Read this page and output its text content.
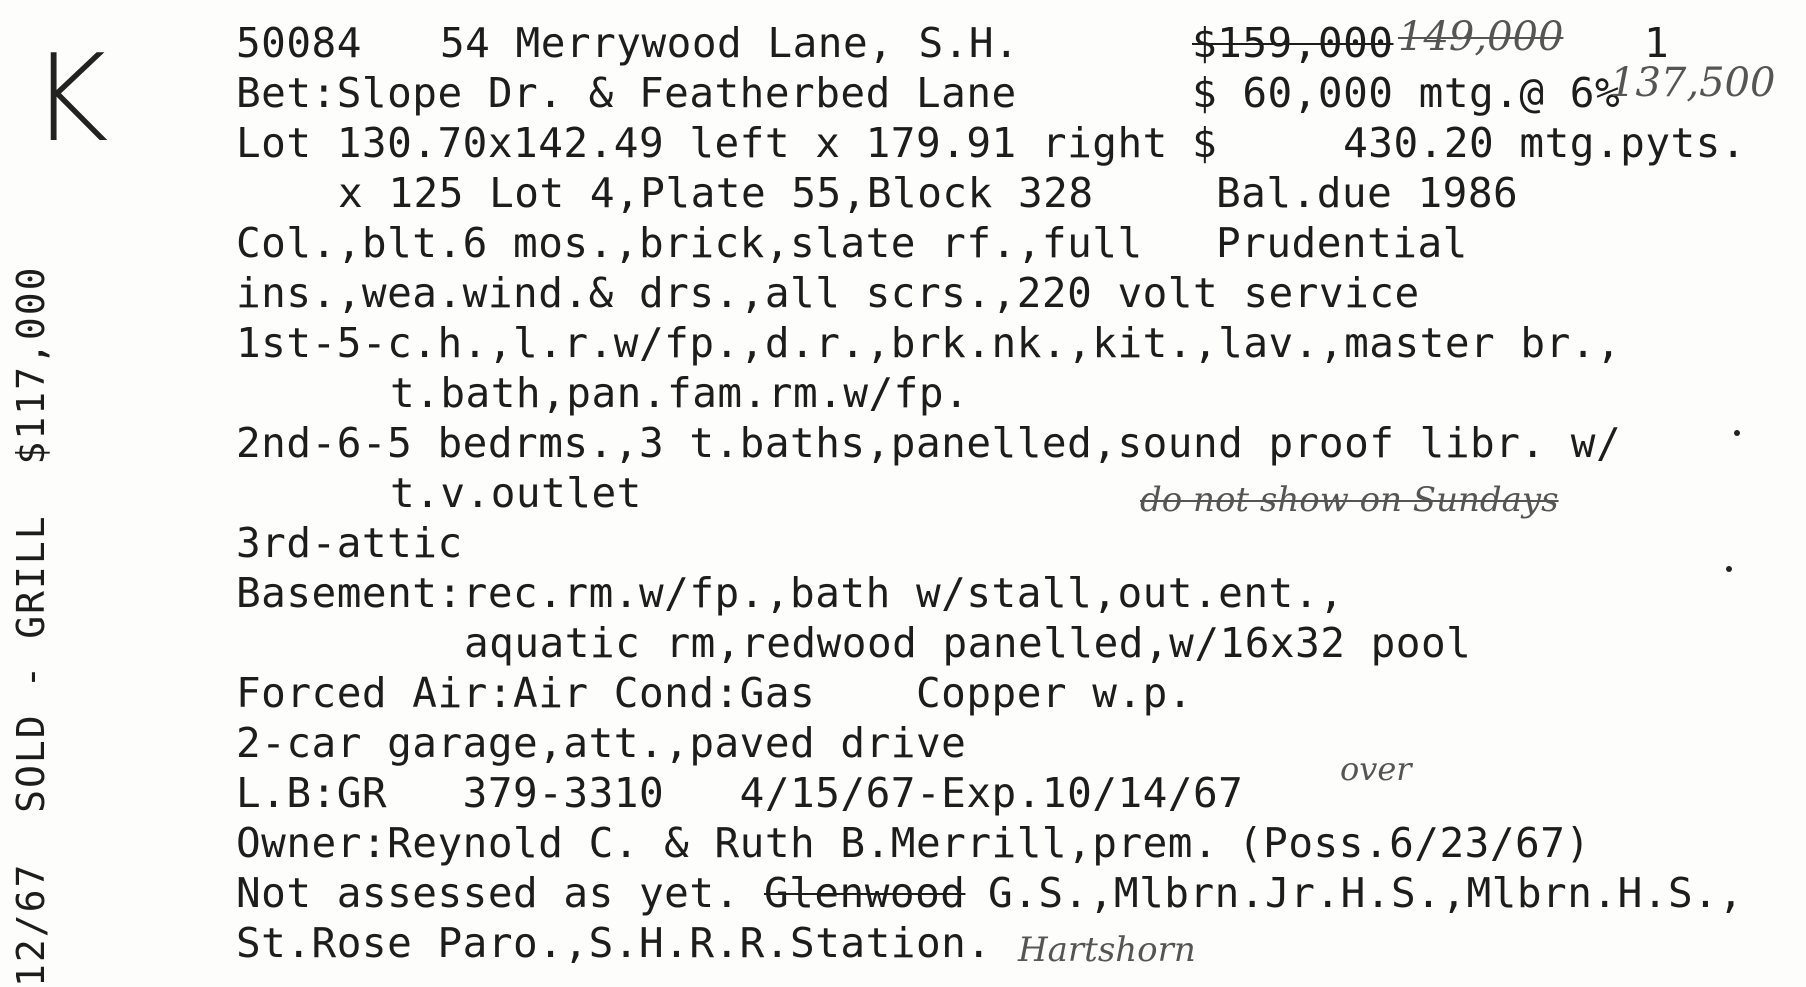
K
12/67  SOLD - GRILL  $117,000
50084 54 Merrywood Lane, S.H.	$159,000 149,000 1
Bet:Slope Dr. & Featherbed Lane	$ 60,000 mtg.@ 6%
137,500
Lot 130.70x142.49 left x 179.91 right $     430.20 mtg.pyts.
x 125 Lot 4,Plate 55,Block 328	Bal.due 1986
Col.,blt.6 mos.,brick,slate rf.,full Prudential
ins.,wea.wind.& drs.,all scrs.,220 volt service
1st-5-c.h.,l.r.w/fp.,d.r.,brk.nk.,kit.,lav.,master br.,
t.bath,pan.fam.rm.w/fp.
2nd-6-5 bedrms.,3 t.baths,panelled,sound proof libr. w/
t.v.outlet	do not show on Sundays
3rd-attic
Basement:rec.rm.w/fp.,bath w/stall,out.ent.,
aquatic rm,redwood panelled,w/16x32 pool
Forced Air:Air Cond:Gas    Copper w.p.
2-car garage,att.,paved drive
L.B:GR   379-3310   4/15/67-Exp.10/14/67	over
Owner:Reynold C. & Ruth B.Merrill,prem. (Poss.6/23/67)
Not assessed as yet. Glenwood G.S.,Mlbrn.Jr.H.S.,Mlbrn.H.S.,
St.Rose Paro.,S.H.R.R.Station. Hartshorn
